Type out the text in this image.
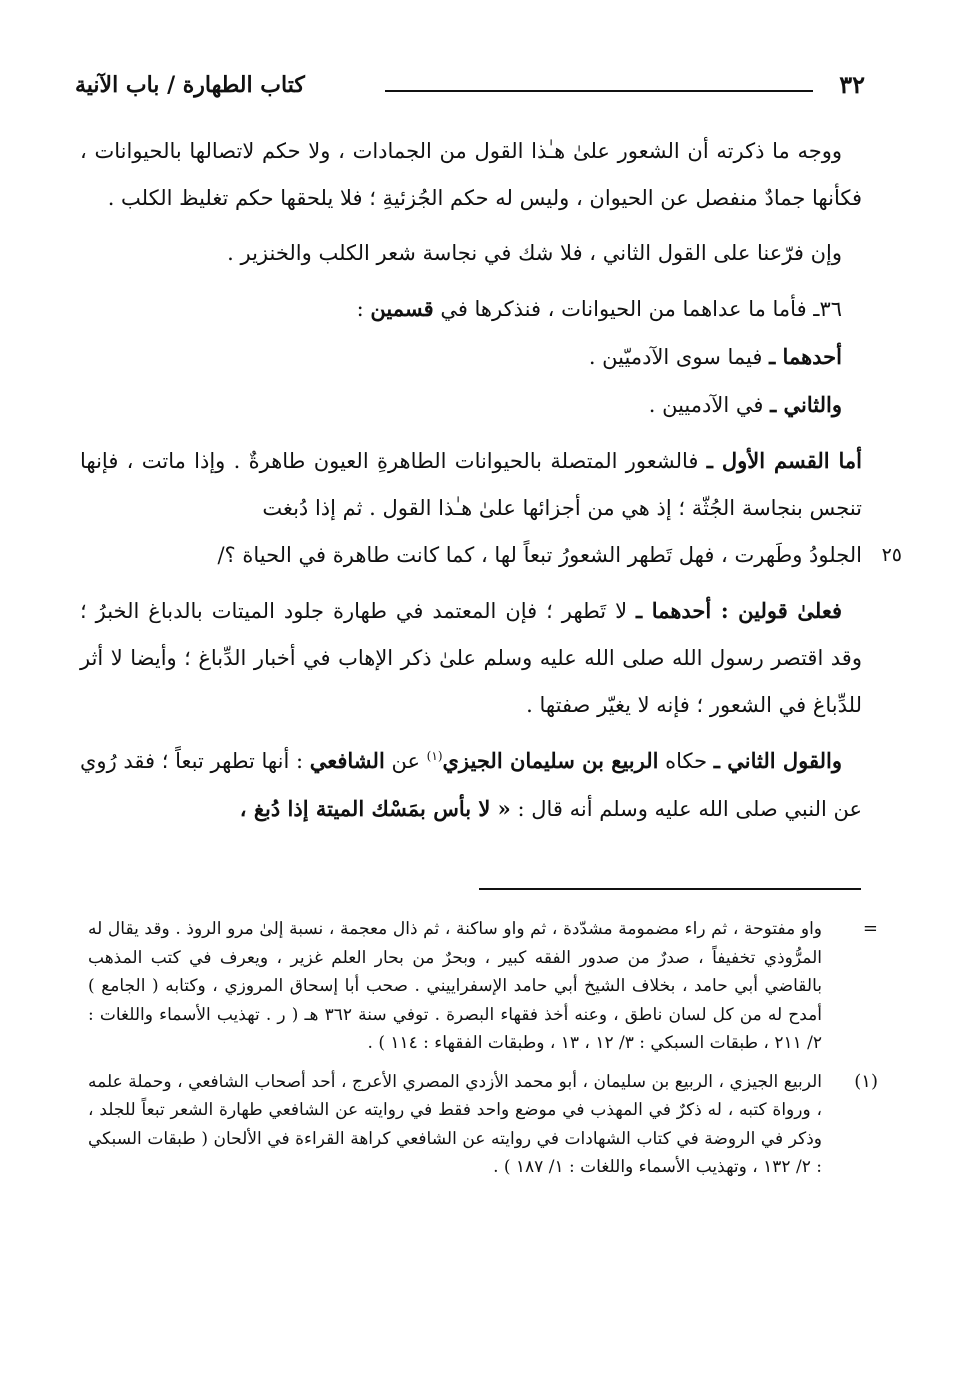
٣٢
كتاب الطهارة / باب الآنية

ووجه ما ذكرته أن الشعور علىٰ هـٰذا القول من الجمادات ، ولا حكم لاتصالها بالحيوانات ، فكأنها جمادٌ منفصل عن الحيوان ، وليس له حكم الجُزئيةِ ؛ فلا يلحقها حكم تغليظ الكلب .

وإن فرّعنا على القول الثاني ، فلا شك في نجاسة شعر الكلب والخنزير .

٣٦ـ فأما ما عداهما من الحيوانات ، فنذكرها في قسمين :

أحدهما ـ فيما سوى الآدميّين .

والثاني ـ في الآدميين .

أما القسم الأول ـ فالشعور المتصلة بالحيوانات الطاهرةِ العيون طاهرةٌ . وإذا ماتت ، فإنها تنجس بنجاسة الجُثّة ؛ إذ هي من أجزائها علىٰ هـٰذا القول . ثم إذا دُبغت

٢٥
الجلودُ وطَهرت ، فهل تَطهر الشعورُ تبعاً لها ، كما كانت طاهرة في الحياة ؟/

فعلىٰ قولين : أحدهما ـ لا تَطهر ؛ فإن المعتمد في طهارة جلود الميتات بالدباغ الخبرُ ؛ وقد اقتصر رسول الله صلى الله عليه وسلم علىٰ ذكر الإهاب في أخبار الدِّباغ ؛ وأيضا لا أثر للدِّباغ في الشعور ؛ فإنه لا يغيّر صفتها .

والقول الثاني ـ حكاه الربيع بن سليمان الجيزي$^{(١)}$ عن الشافعي : أنها تطهر تبعاً ؛ فقد رُوي عن النبي صلى الله عليه وسلم أنه قال : « لا بأس بمَسْك الميتة إذا دُبغ ،

=
واو مفتوحة ، ثم راء مضمومة مشدّدة ، ثم واو ساكنة ، ثم ذال معجمة ، نسبة إلىٰ مرو الروذ . وقد يقال له المرُّوذي تخفيفاً ، صدرٌ من صدور الفقه كبير ، وبحرٌ من بحار العلم غزير ، ويعرف في كتب المذهب بالقاضي أبي حامد ، بخلاف الشيخ أبي حامد الإسفراييني . صحب أبا إسحاق المروزي ، وكتابه ( الجامع ) أمدح له من كل لسان ناطق ، وعنه أخذ فقهاء البصرة . توفي سنة ٣٦٢ هـ ( ر . تهذيب الأسماء واللغات : ٢/ ٢١١ ، طبقات السبكي : ٣/ ١٢ ، ١٣ ، وطبقات الفقهاء : ١١٤ ) .

(١)
الربيع الجيزي ، الربيع بن سليمان ، أبو محمد الأزدي المصري الأعرج ، أحد أصحاب الشافعي ، وحملة علمه ، ورواة كتبه ، له ذكرٌ في المهذب في موضع واحد فقط في روايته عن الشافعي طهارة الشعر تبعاً للجلد ، وذكر في الروضة في كتاب الشهادات في روايته عن الشافعي كراهة القراءة في الألحان ( طبقات السبكي : ٢/ ١٣٢ ، وتهذيب الأسماء واللغات : ١/ ١٨٧ ) .
